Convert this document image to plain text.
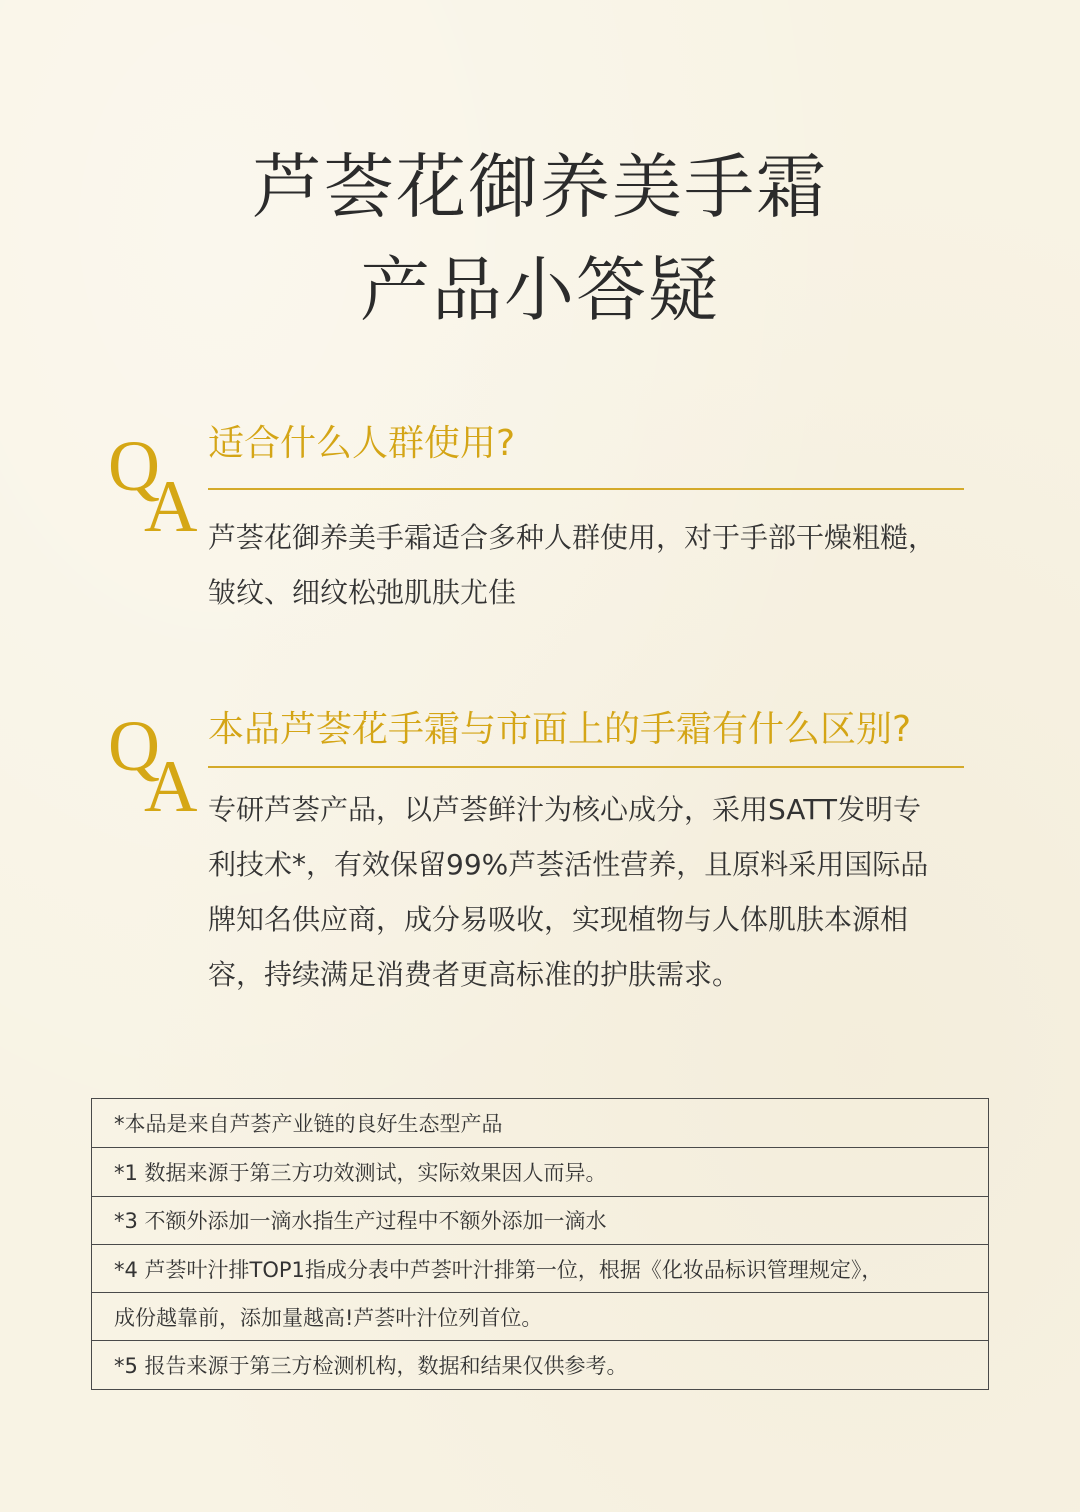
芦荟花御养美手霜
产品小答疑
Q
A
适合什么人群使用?
芦荟花御养美手霜适合多种人群使用，对于手部干燥粗糙，
皱纹、细纹松弛肌肤尤佳
Q
A
本品芦荟花手霜与市面上的手霜有什么区别?
专研芦荟产品，以芦荟鲜汁为核心成分，采用SATT发明专
利技术*，有效保留99%芦荟活性营养，且原料采用国际品
牌知名供应商，成分易吸收，实现植物与人体肌肤本源相
容，持续满足消费者更高标准的护肤需求。
*本品是来自芦荟产业链的良好生态型产品
*1 数据来源于第三方功效测试，实际效果因人而异。
*3 不额外添加一滴水指生产过程中不额外添加一滴水
*4 芦荟叶汁排TOP1指成分表中芦荟叶汁排第一位，根据《化妆品标识管理规定》，
成份越靠前，添加量越高!芦荟叶汁位列首位。
*5 报告来源于第三方检测机构，数据和结果仅供参考。
